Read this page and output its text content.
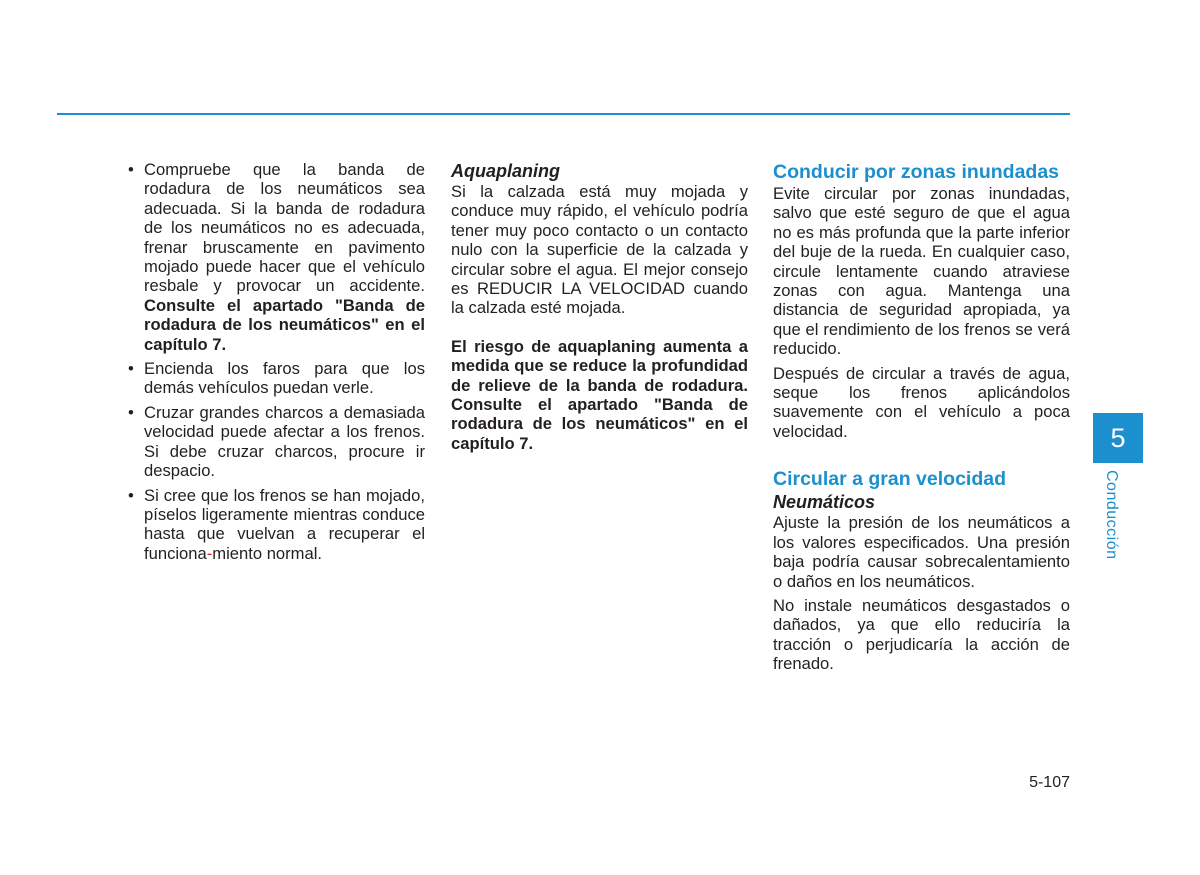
• Compruebe que la banda de rodadura de los neumáticos sea adecuada. Si la banda de rodadura de los neumáticos no es adecuada, frenar bruscamente en pavimento mojado puede hacer que el vehículo resbale y provocar un accidente. Consulte el apartado "Banda de rodadura de los neumáticos" en el capítulo 7.
• Encienda los faros para que los demás vehículos puedan verle.
• Cruzar grandes charcos a demasiada velocidad puede afectar a los frenos. Si debe cruzar charcos, procure ir despacio.
• Si cree que los frenos se han mojado, píselos ligeramente mientras conduce hasta que vuelvan a recuperar el funciona-miento normal.

Aquaplaning

Si la calzada está muy mojada y conduce muy rápido, el vehículo podría tener muy poco contacto o un contacto nulo con la superficie de la calzada y circular sobre el agua. El mejor consejo es REDUCIR LA VELOCIDAD cuando la calzada esté mojada.

El riesgo de aquaplaning aumenta a medida que se reduce la profundidad de relieve de la banda de rodadura. Consulte el apartado "Banda de rodadura de los neumáticos" en el capítulo 7.

Conducir por zonas inundadas

Evite circular por zonas inundadas, salvo que esté seguro de que el agua no es más profunda que la parte inferior del buje de la rueda. En cualquier caso, circule lentamente cuando atraviese zonas con agua. Mantenga una distancia de seguridad apropiada, ya que el rendimiento de los frenos se verá reducido.

Después de circular a través de agua, seque los frenos aplicándolos suavemente con el vehículo a poca velocidad.

Circular a gran velocidad

Neumáticos

Ajuste la presión de los neumáticos a los valores especificados. Una presión baja podría causar sobrecalentamiento o daños en los neumáticos.

No instale neumáticos desgastados o dañados, ya que ello reduciría la tracción o perjudicaría la acción de frenado.

5
Conducción
5-107
